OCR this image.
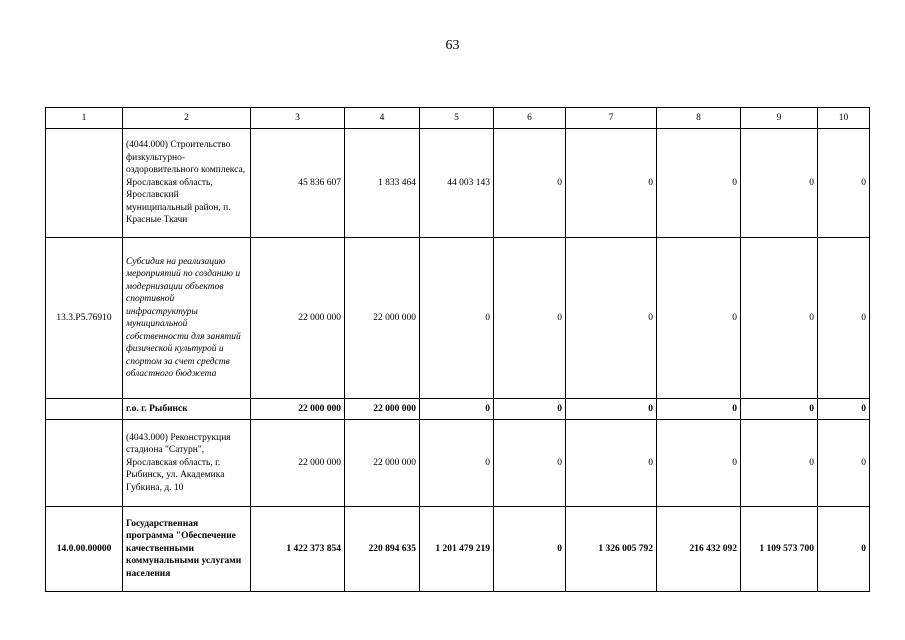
63
1	2	3	4	5	6	7	8	9	10
	(4044.000) Строительство физкультурно-оздоровительного комплекса, Ярославская область, Ярославский муниципальный район, п. Красные Ткачи	45 836 607	1 833 464	44 003 143	0	0	0	0	0
13.3.P5.76910	Субсидия на реализацию мероприятий по созданию и модернизации объектов спортивной инфраструктуры муниципальной собственности для занятий физической культурой и спортом за счет средств областного бюджета	22 000 000	22 000 000	0	0	0	0	0	0
	г.о. г. Рыбинск	22 000 000	22 000 000	0	0	0	0	0	0
	(4043.000) Реконструкция стадиона "Сатурн", Ярославская область, г. Рыбинск, ул. Академика Губкина, д. 10	22 000 000	22 000 000	0	0	0	0	0	0
14.0.00.00000	Государственная программа "Обеспечение качественными коммунальными услугами населения	1 422 373 854	220 894 635	1 201 479 219	0	1 326 005 792	216 432 092	1 109 573 700	0
